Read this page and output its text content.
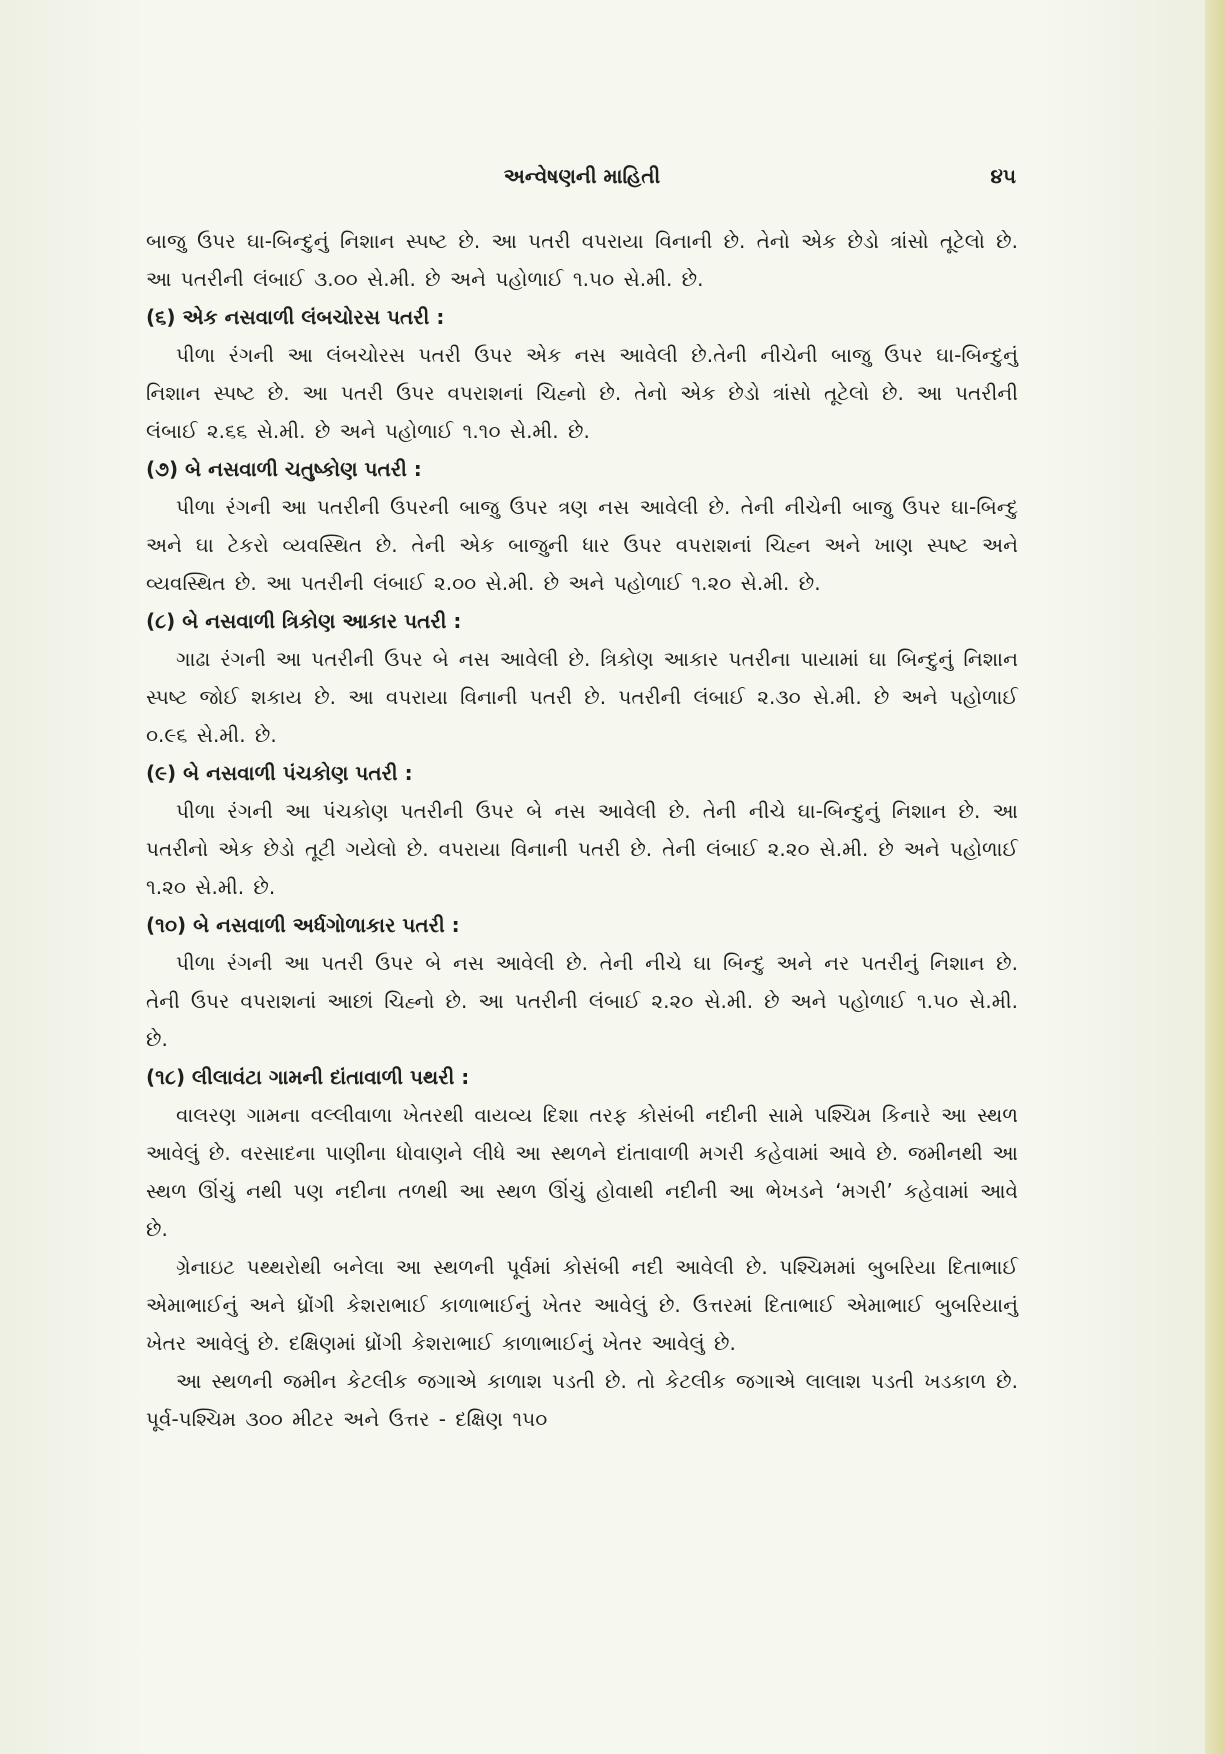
અન્વેષણની માહિતી	૪૫

બાજુ ઉપર ઘા-બિન્દુનું નિશાન સ્પષ્ટ છે. આ પતરી વપરાયા વિનાની છે. તેનો એક છેડો ત્રાંસો તૂટેલો છે. આ પતરીની લંબાઈ ૩.૦૦ સે.મી. છે અને પહોળાઈ ૧.૫૦ સે.મી. છે.

(૬) એક નસવાળી લંબચોરસ પતરી :

પીળા રંગની આ લંબચોરસ પતરી ઉપર એક નસ આવેલી છે.તેની નીચેની બાજુ ઉપર ઘા-બિન્દુનું નિશાન સ્પષ્ટ છે. આ પતરી ઉપર વપરાશનાં ચિહ્નો છે. તેનો એક છેડો ત્રાંસો તૂટેલો છે. આ પતરીની લંબાઈ ૨.૬૬ સે.મી. છે અને પહોળાઈ ૧.૧૦ સે.મી. છે.

(૭) બે નસવાળી ચતુષ્કોણ પતરી :

પીળા રંગની આ પતરીની ઉપરની બાજુ ઉપર ત્રણ નસ આવેલી છે. તેની નીચેની બાજુ ઉપર ઘા-બિન્દુ અને ઘા ટેકરો વ્યવસ્થિત છે. તેની એક બાજુની ધાર ઉપર વપરાશનાં ચિહ્ન અને ખાણ સ્પષ્ટ અને વ્યવસ્થિત છે. આ પતરીની લંબાઈ ૨.૦૦ સે.મી. છે અને પહોળાઈ ૧.૨૦ સે.મી. છે.

(૮) બે નસવાળી ત્રિકોણ આકાર પતરી :

ગાઢા રંગની આ પતરીની ઉપર બે નસ આવેલી છે. ત્રિકોણ આકાર પતરીના પાયામાં ઘા બિન્દુનું નિશાન સ્પષ્ટ જોઈ શકાય છે. આ વપરાયા વિનાની પતરી છે. પતરીની લંબાઈ ૨.૩૦ સે.મી. છે અને પહોળાઈ ૦.૯૬ સે.મી. છે.

(૯) બે નસવાળી પંચકોણ પતરી :

પીળા રંગની આ પંચકોણ પતરીની ઉપર બે નસ આવેલી છે. તેની નીચે ઘા-બિન્દુનું નિશાન છે. આ પતરીનો એક છેડો તૂટી ગયેલો છે. વપરાયા વિનાની પતરી છે. તેની લંબાઈ ૨.૨૦ સે.મી. છે અને પહોળાઈ ૧.૨૦ સે.મી. છે.

(૧૦) બે નસવાળી અર્ધગોળાકાર પતરી :

પીળા રંગની આ પતરી ઉપર બે નસ આવેલી છે. તેની નીચે ઘા બિન્દુ અને નર પતરીનું નિશાન છે. તેની ઉપર વપરાશનાં આછાં ચિહ્નો છે. આ પતરીની લંબાઈ ૨.૨૦ સે.મી. છે અને પહોળાઈ ૧.૫૦ સે.મી. છે.

(૧૮) લીલાવંટા ગામની દાંતાવાળી પથરી :

વાલરણ ગામના વલ્લીવાળા ખેતરથી વાયવ્ય દિશા તરફ કોસંબી નદીની સામે પશ્ચિમ કિનારે આ સ્થળ આવેલું છે. વરસાદના પાણીના ધોવાણને લીધે આ સ્થળને દાંતાવાળી મગરી કહેવામાં આવે છે. જમીનથી આ સ્થળ ઊંચું નથી પણ નદીના તળથી આ સ્થળ ઊંચું હોવાથી નદીની આ ભેખડને ‘મગરી’ કહેવામાં આવે છે.

ગ્રેનાઇટ પથ્થરોથી બનેલા આ સ્થળની પૂર્વમાં કોસંબી નદી આવેલી છે. પશ્ચિમમાં બુબરિયા દિતાભાઈ એમાભાઈનું અને ધ્રોંગી કેશરાભાઈ કાળાભાઈનું ખેતર આવેલું છે. ઉત્તરમાં દિતાભાઈ એમાભાઈ બુબરિયાનું ખેતર આવેલું છે. દક્ષિણમાં ધ્રોંગી કેશરાભાઈ કાળાભાઈનું ખેતર આવેલું છે.

આ સ્થળની જમીન કેટલીક જગાએ કાળાશ પડતી છે. તો કેટલીક જગાએ લાલાશ પડતી ખડકાળ છે. પૂર્વ-પશ્ચિમ ૩૦૦ મીટર અને ઉત્તર - દક્ષિણ ૧૫૦
